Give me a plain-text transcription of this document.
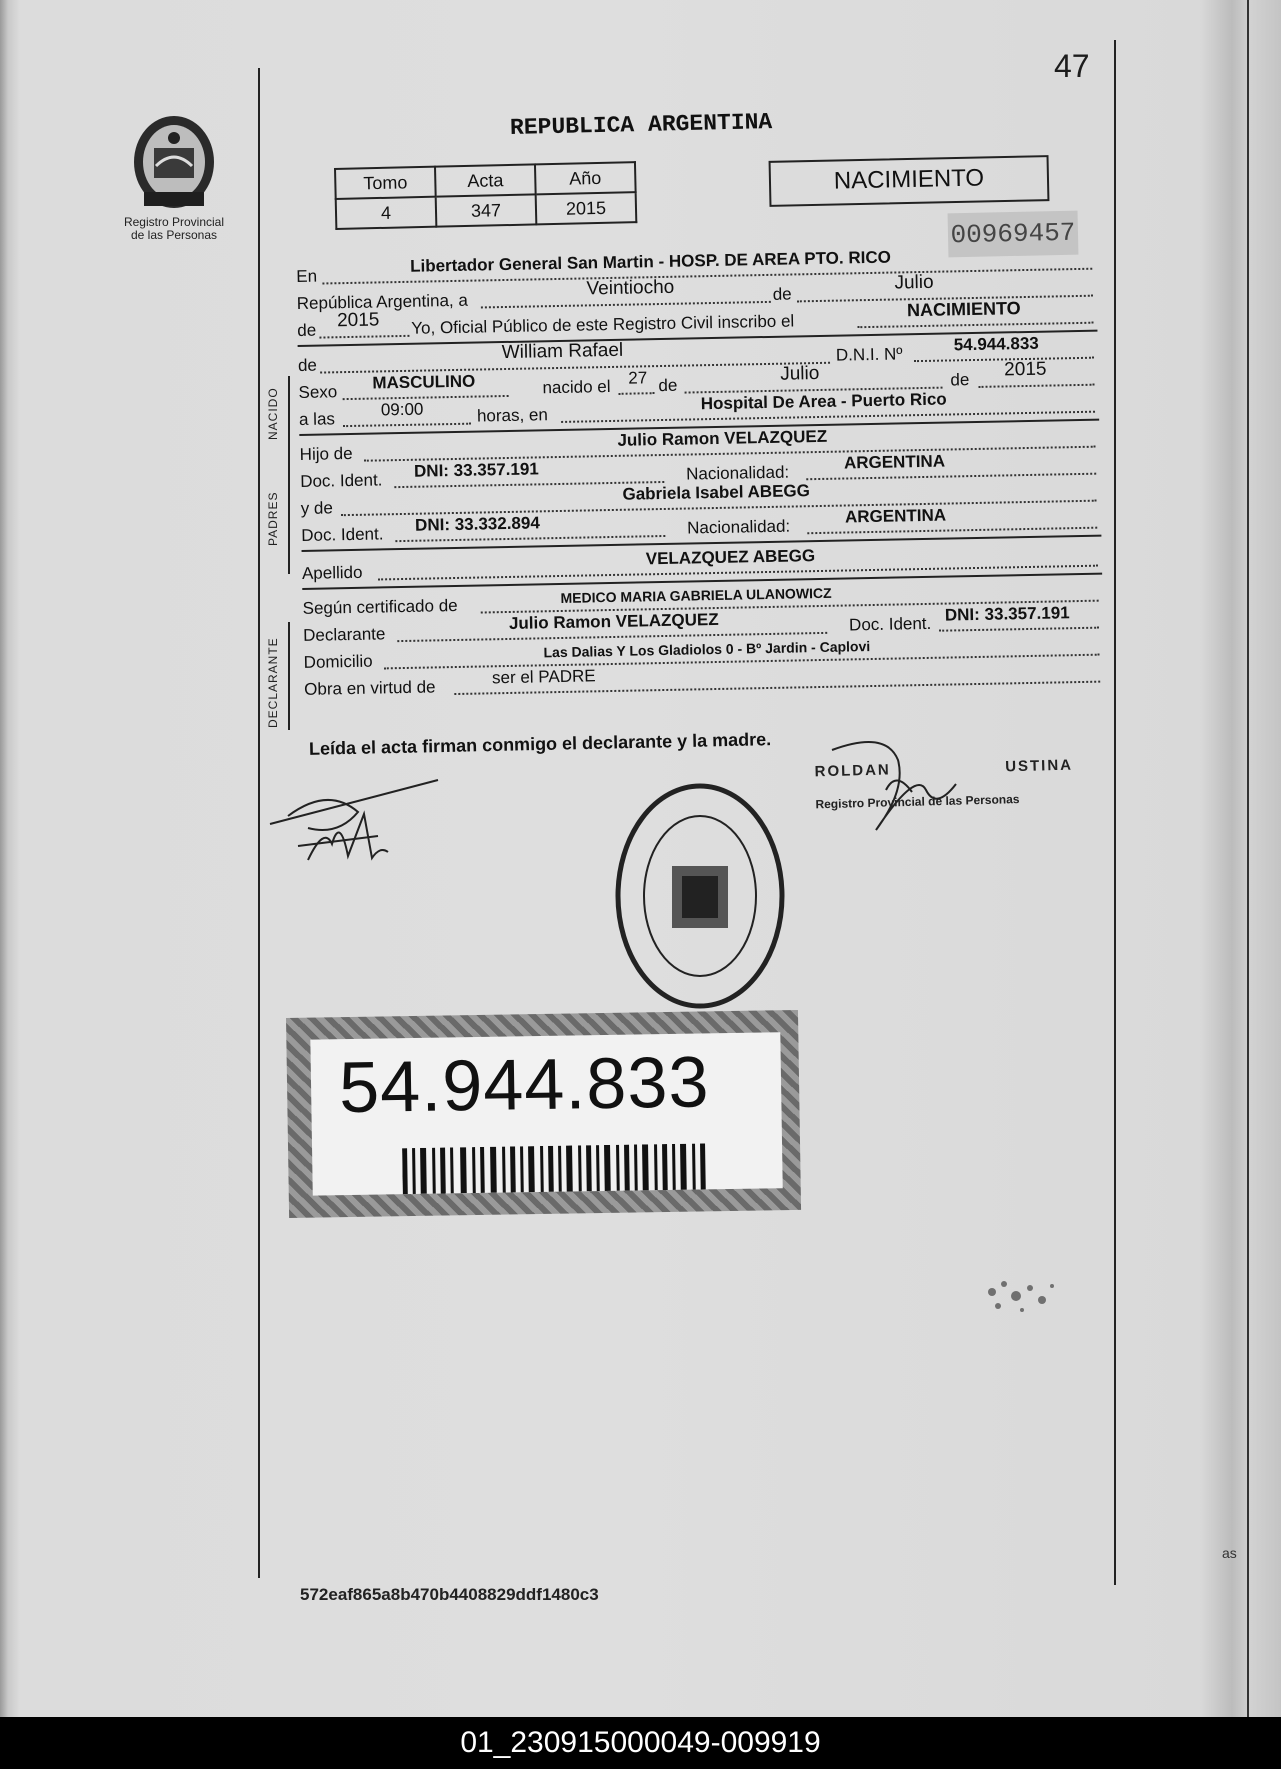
47
Registro Provincial
de las Personas
REPUBLICA ARGENTINA
Tomo	Acta	Año
4	347	2015
NACIMIENTO
00969457
En
Libertador General San Martin - HOSP. DE AREA PTO. RICO
República Argentina, a
Veintiocho	de
Julio
de 2015 Yo, Oficial Público de este Registro Civil inscribo el
NACIMIENTO
de
William Rafael	D.N.I. Nº
54.944.833
Sexo MASCULINO	nacido el 27 de
Julio	de 2015
a las	09:00	horas, en
Hospital De Area - Puerto Rico
Hijo de
Julio Ramon VELAZQUEZ
Doc. Ident. DNI: 33.357.191	Nacionalidad:
ARGENTINA
y de
Gabriela Isabel ABEGG
Doc. Ident. DNI: 33.332.894	Nacionalidad:
ARGENTINA
Apellido
VELAZQUEZ ABEGG
Según certificado de
MEDICO MARIA GABRIELA ULANOWICZ
Declarante
Julio Ramon VELAZQUEZ	Doc. Ident. DNI: 33.357.191
Domicilio
Las Dalias Y Los Gladiolos 0 - Bº Jardin - Caplovi
Obra en virtud de
ser el PADRE
NACIDO
PADRES
DECLARANTE
Leída el acta firman conmigo el declarante y la madre.
ROLDAN	USTINA
Registro Provincial de las Personas
54.944.833
572eaf865a8b470b4408829ddf1480c3
as
01_230915000049-009919
